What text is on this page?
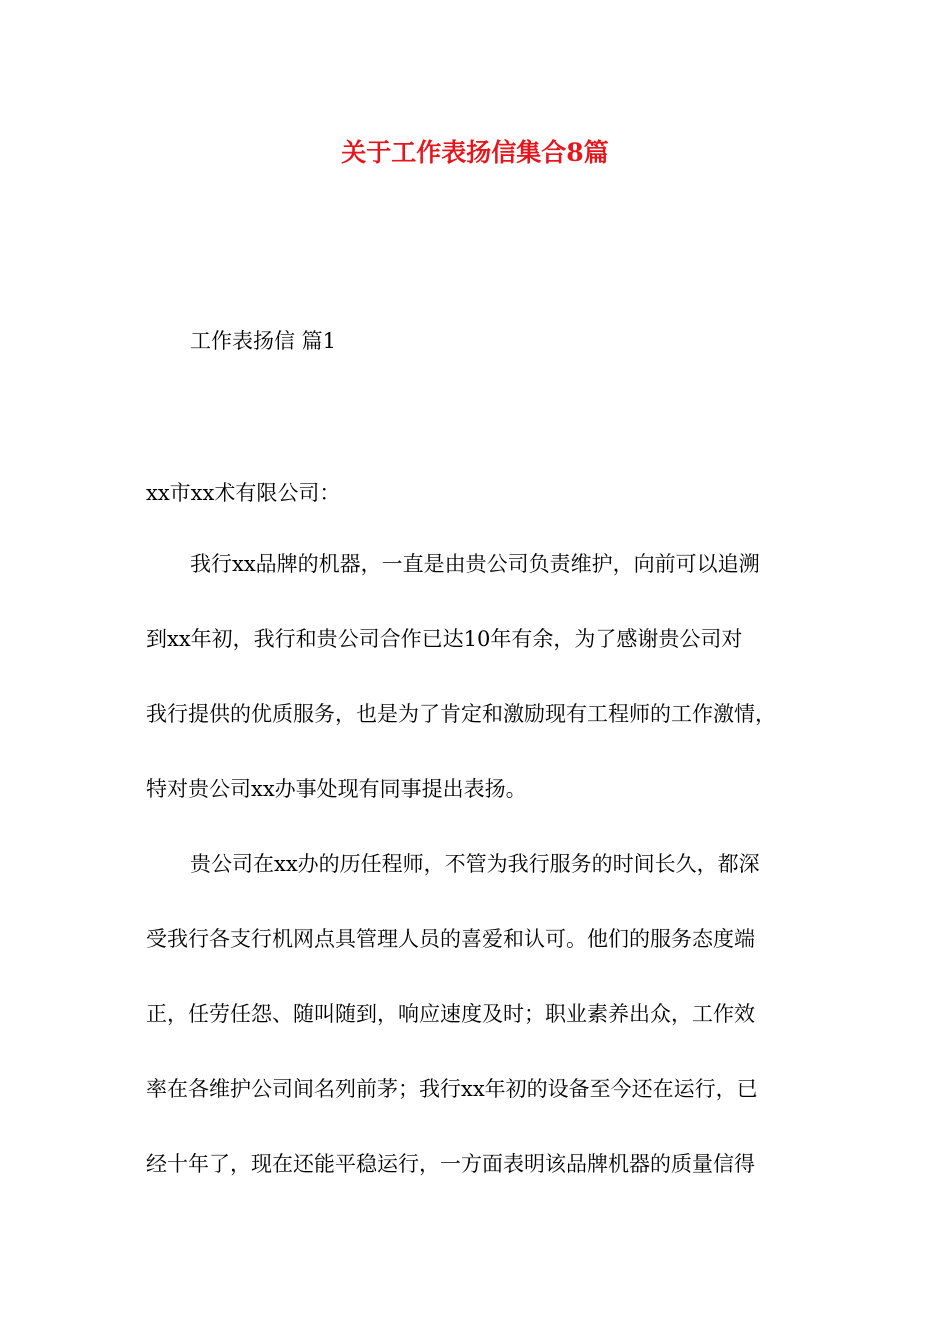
关于工作表扬信集合8篇
工作表扬信 篇1
xx市xx术有限公司：
我行xx品牌的机器，一直是由贵公司负责维护，向前可以追溯
到xx年初，我行和贵公司合作已达10年有余，为了感谢贵公司对
我行提供的优质服务，也是为了肯定和激励现有工程师的工作激情，
特对贵公司xx办事处现有同事提出表扬。
贵公司在xx办的历任程师，不管为我行服务的时间长久，都深
受我行各支行机网点具管理人员的喜爱和认可。他们的服务态度端
正，任劳任怨、随叫随到，响应速度及时；职业素养出众，工作效
率在各维护公司间名列前茅；我行xx年初的设备至今还在运行，已
经十年了，现在还能平稳运行，一方面表明该品牌机器的质量信得
